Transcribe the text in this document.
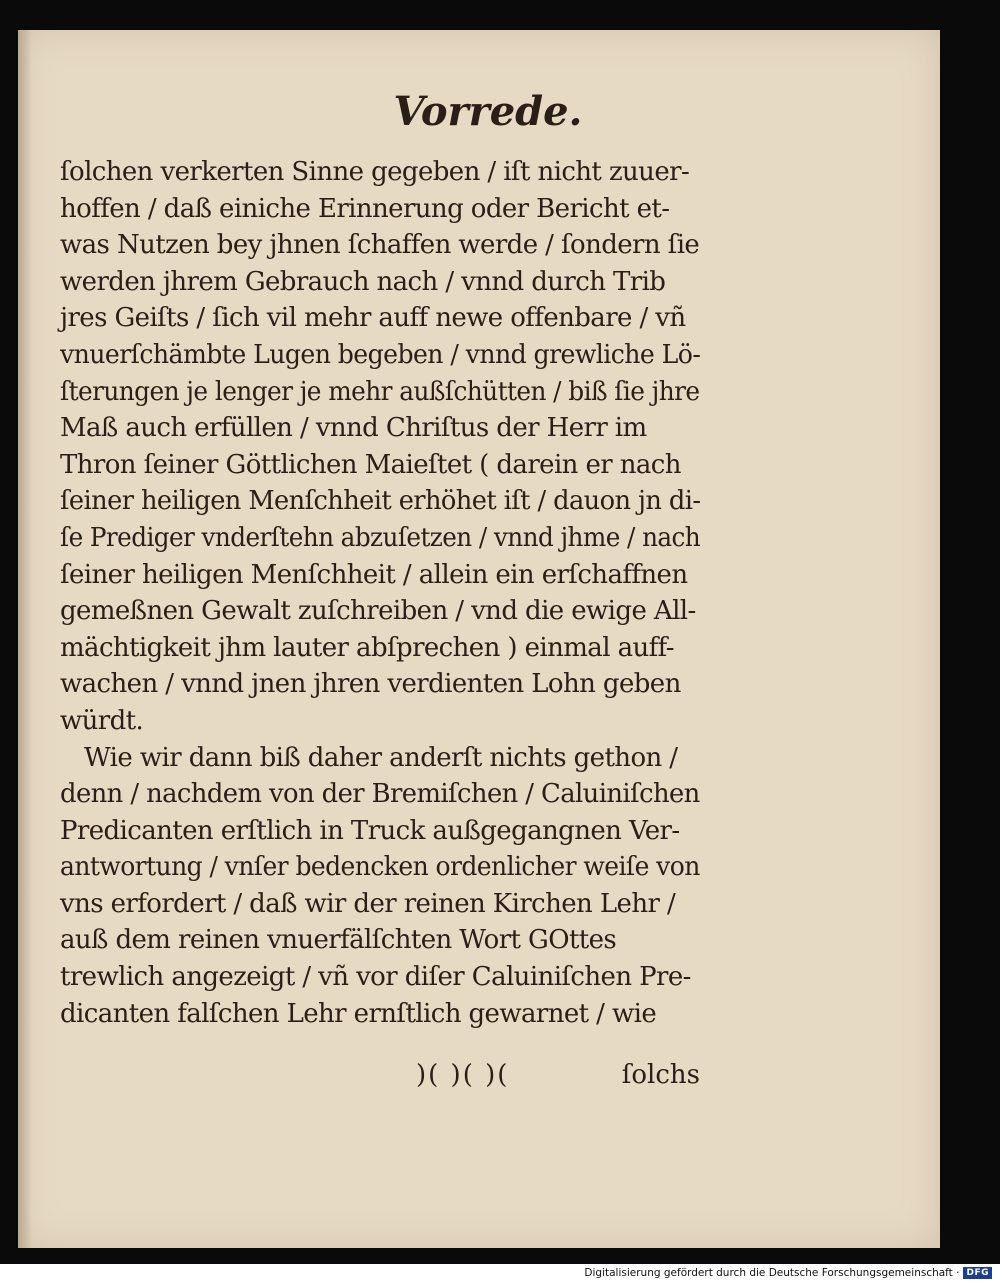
Vorrede.
ſolchen verkerten Sinne gegeben / iſt nicht zuuer-
hoffen / daß einiche Erinnerung oder Bericht et-
was Nutzen bey jhnen ſchaffen werde / ſondern ſie
werden jhrem Gebrauch nach / vnnd durch Trib
jres Geiſts / ſich vil mehr auff newe offenbare / vñ
vnuerſchämbte Lugen begeben / vnnd grewliche Lö-
ſterungen je lenger je mehr außſchütten / biß ſie jhre
Maß auch erfüllen / vnnd Chriſtus der Herr im
Thron ſeiner Göttlichen Maieſtet ( darein er nach
ſeiner heiligen Menſchheit erhöhet iſt / dauon jn di-
ſe Prediger vnderſtehn abzuſetzen / vnnd jhme / nach
ſeiner heiligen Menſchheit / allein ein erſchaffnen
gemeßnen Gewalt zuſchreiben / vnd die ewige All-
mächtigkeit jhm lauter abſprechen ) einmal auff-
wachen / vnnd jnen jhren verdienten Lohn geben
würdt.
Wie wir dann biß daher anderſt nichts gethon /
denn / nachdem von der Bremiſchen / Caluiniſchen
Predicanten erſtlich in Truck außgegangnen Ver-
antwortung / vnſer bedencken ordenlicher weiſe von
vns erfordert / daß wir der reinen Kirchen Lehr /
auß dem reinen vnuerfälſchten Wort GOttes
trewlich angezeigt / vñ vor diſer Caluiniſchen Pre-
dicanten falſchen Lehr ernſtlich gewarnet / wie
)( )( )(	ſolchs
Digitalisierung gefördert durch die Deutsche Forschungsgemeinschaft · DFG
